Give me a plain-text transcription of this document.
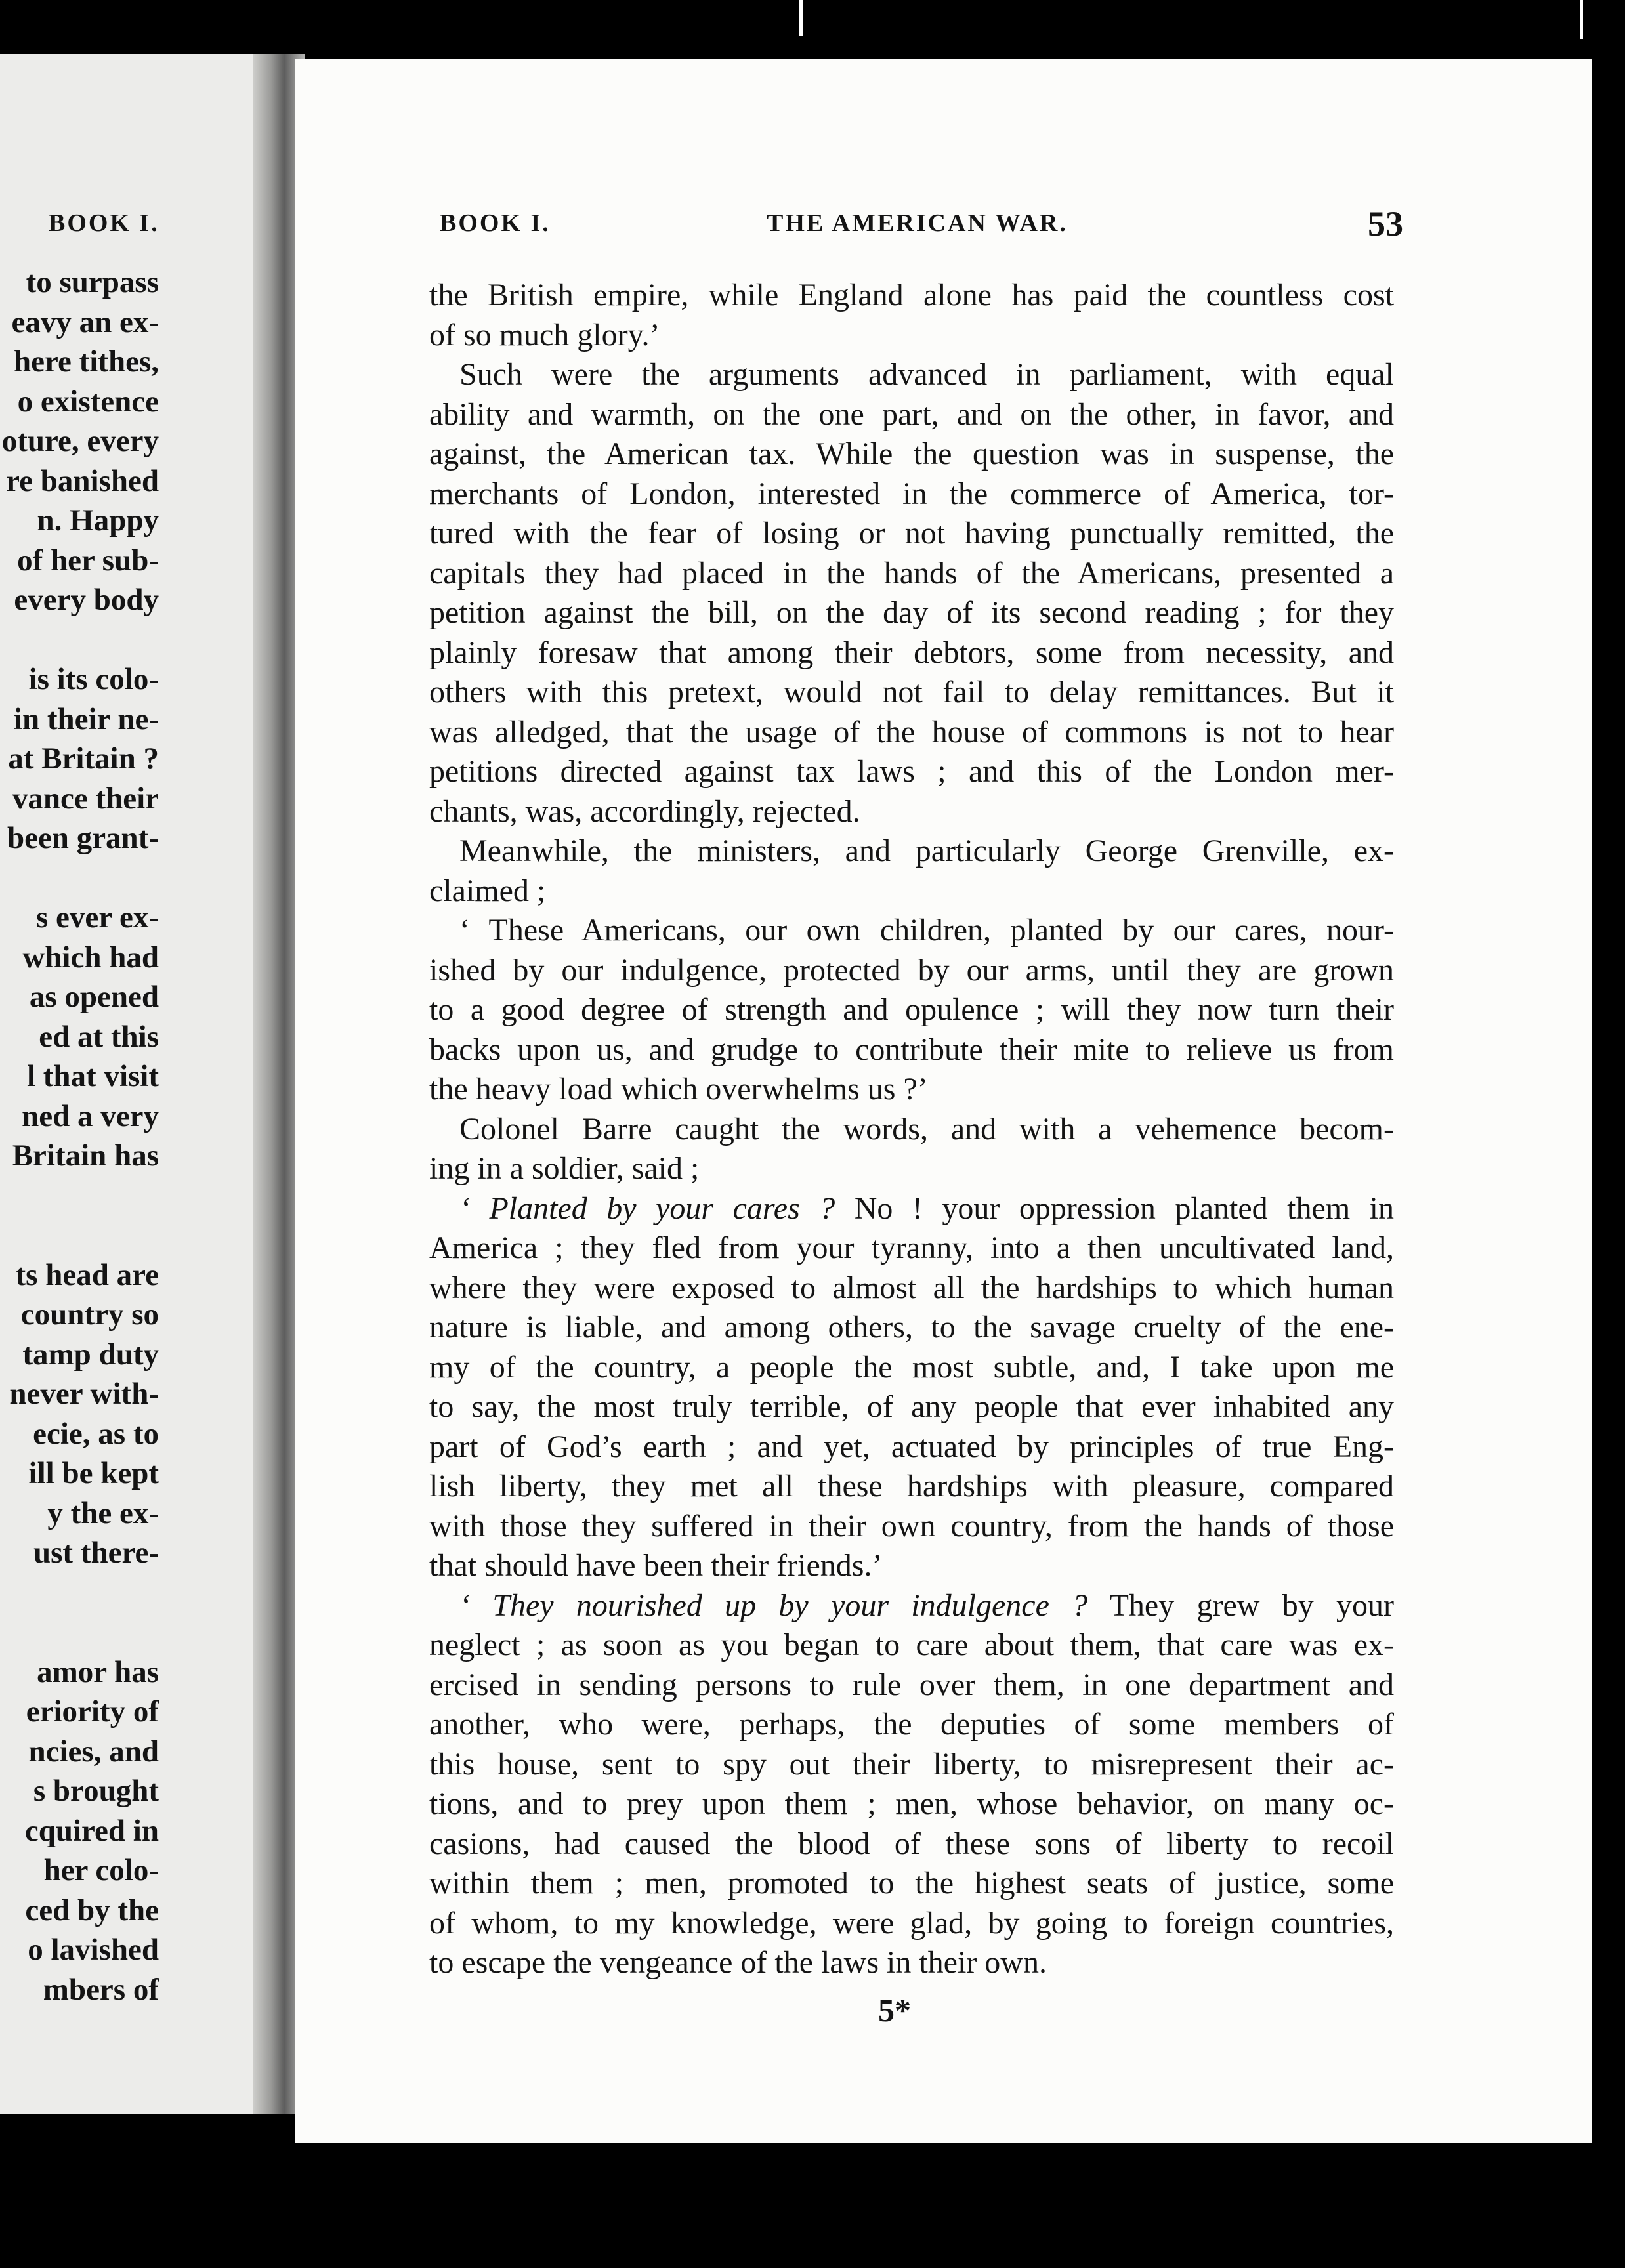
BOOK I.
to surpass
eavy an ex-
here tithes,
o existence
oture, every
re banished
n. Happy
of her sub-
every body
is its colo-
in their ne-
at Britain ?
vance their
been grant-
s ever ex-
which had
as opened
ed at this
l that visit
ned a very
Britain has
ts head are
country so
tamp duty
never with-
ecie, as to
ill be kept
y the ex-
ust there-
amor has
eriority of
ncies, and
s brought
cquired in
her colo-
ced by the
o lavished
mbers of
BOOK I.	THE AMERICAN WAR.	53
the British empire, while England alone has paid the countless cost
of so much glory.’
Such were the arguments advanced in parliament, with equal
ability and warmth, on the one part, and on the other, in favor, and
against, the American tax. While the question was in suspense, the
merchants of London, interested in the commerce of America, tor-
tured with the fear of losing or not having punctually remitted, the
capitals they had placed in the hands of the Americans, presented a
petition against the bill, on the day of its second reading ; for they
plainly foresaw that among their debtors, some from necessity, and
others with this pretext, would not fail to delay remittances. But it
was alledged, that the usage of the house of commons is not to hear
petitions directed against tax laws ; and this of the London mer-
chants, was, accordingly, rejected.
Meanwhile, the ministers, and particularly George Grenville, ex-
claimed ;
‘ These Americans, our own children, planted by our cares, nour-
ished by our indulgence, protected by our arms, until they are grown
to a good degree of strength and opulence ; will they now turn their
backs upon us, and grudge to contribute their mite to relieve us from
the heavy load which overwhelms us ?’
Colonel Barre caught the words, and with a vehemence becom-
ing in a soldier, said ;
‘ Planted by your cares ? No ! your oppression planted them in
America ; they fled from your tyranny, into a then uncultivated land,
where they were exposed to almost all the hardships to which human
nature is liable, and among others, to the savage cruelty of the ene-
my of the country, a people the most subtle, and, I take upon me
to say, the most truly terrible, of any people that ever inhabited any
part of God’s earth ; and yet, actuated by principles of true Eng-
lish liberty, they met all these hardships with pleasure, compared
with those they suffered in their own country, from the hands of those
that should have been their friends.’
‘ They nourished up by your indulgence ? They grew by your
neglect ; as soon as you began to care about them, that care was ex-
ercised in sending persons to rule over them, in one department and
another, who were, perhaps, the deputies of some members of
this house, sent to spy out their liberty, to misrepresent their ac-
tions, and to prey upon them ; men, whose behavior, on many oc-
casions, had caused the blood of these sons of liberty to recoil
within them ; men, promoted to the highest seats of justice, some
of whom, to my knowledge, were glad, by going to foreign countries,
to escape the vengeance of the laws in their own.
5*
